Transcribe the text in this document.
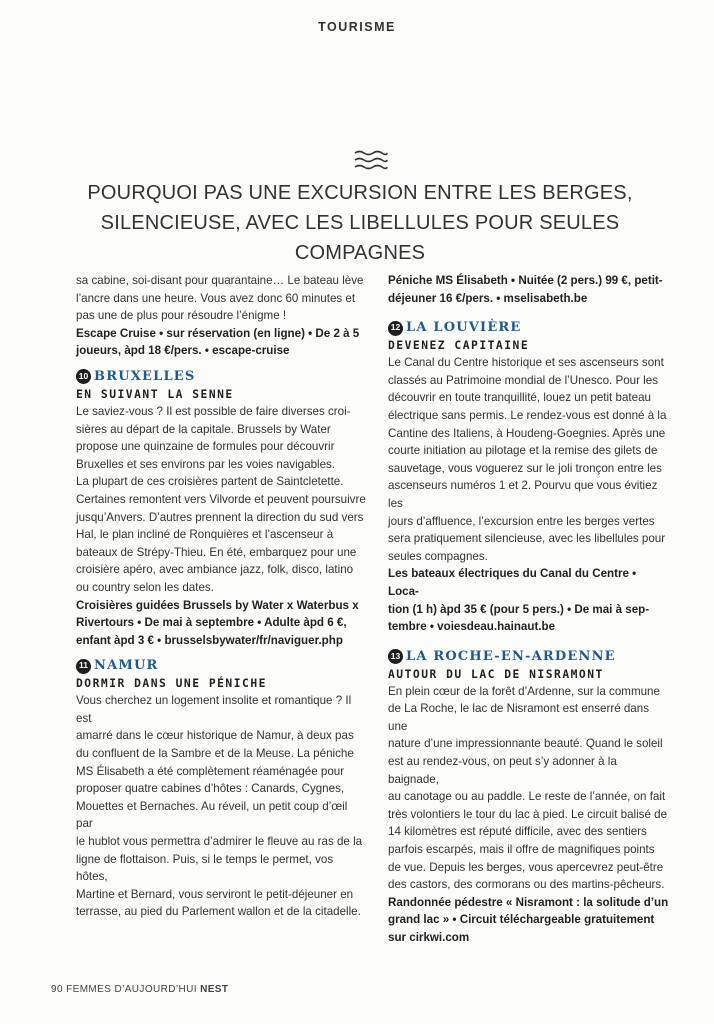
TOURISME
POURQUOI PAS UNE EXCURSION ENTRE LES BERGES,
SILENCIEUSE, AVEC LES LIBELLULES POUR SEULES COMPAGNES

sa cabine, soi-disant pour quarantaine… Le bateau lève

l’ancre dans une heure. Vous avez donc 60 minutes et

pas une de plus pour résoudre l’énigme !

Escape Cruise • sur réservation (en ligne) • De 2 à 5

joueurs, àpd 18 €/pers. • escape-cruise

10 BRUXELLES
EN SUIVANT LA SENNE

Le saviez-vous ? Il est possible de faire diverses croi-

sières au départ de la capitale. Brussels by Water

propose une quinzaine de formules pour découvrir

Bruxelles et ses environs par les voies navigables.

La plupart de ces croisières partent de Saintcletette.

Certaines remontent vers Vilvorde et peuvent poursuivre

jusqu’Anvers. D’autres prennent la direction du sud vers

Hal, le plan incliné de Ronquières et l’ascenseur à

bateaux de Strépy-Thieu. En été, embarquez pour une

croisière apéro, avec ambiance jazz, folk, disco, latino

ou country selon les dates.

Croisières guidées Brussels by Water x Waterbus x

Rivertours • De mai à septembre • Adulte àpd 6 €,

enfant àpd 3 € • brusselsbywater/fr/naviguer.php

11 NAMUR
DORMIR DANS UNE PÉNICHE

Vous cherchez un logement insolite et romantique ? Il est

amarré dans le cœur historique de Namur, à deux pas

du confluent de la Sambre et de la Meuse. La péniche

MS Élisabeth a été complètement réaménagée pour

proposer quatre cabines d’hôtes : Canards, Cygnes,

Mouettes et Bernaches. Au réveil, un petit coup d’œil par

le hublot vous permettra d’admirer le fleuve au ras de la

ligne de flottaison. Puis, si le temps le permet, vos hôtes,

Martine et Bernard, vous serviront le petit-déjeuner en

terrasse, au pied du Parlement wallon et de la citadelle.

Péniche MS Élisabeth • Nuitée (2 pers.) 99 €, petit-

déjeuner 16 €/pers. • mselisabeth.be

12 LA LOUVIÈRE
DEVENEZ CAPITAINE

Le Canal du Centre historique et ses ascenseurs sont

classés au Patrimoine mondial de l’Unesco. Pour les

découvrir en toute tranquillité, louez un petit bateau

électrique sans permis. Le rendez-vous est donné à la

Cantine des Italiens, à Houdeng-Goegnies. Après une

courte initiation au pilotage et la remise des gilets de

sauvetage, vous voguerez sur le joli tronçon entre les

ascenseurs numéros 1 et 2. Pourvu que vous évitiez les

jours d’affluence, l’excursion entre les berges vertes

sera pratiquement silencieuse, avec les libellules pour

seules compagnes.

Les bateaux électriques du Canal du Centre • Loca-

tion (1 h) àpd 35 € (pour 5 pers.) • De mai à sep-

tembre • voiesdeau.hainaut.be

13 LA ROCHE-EN-ARDENNE
AUTOUR DU LAC DE NISRAMONT

En plein cœur de la forêt d’Ardenne, sur la commune

de La Roche, le lac de Nisramont est enserré dans une

nature d’une impressionnante beauté. Quand le soleil

est au rendez-vous, on peut s’y adonner à la baignade,

au canotage ou au paddle. Le reste de l’année, on fait

très volontiers le tour du lac à pied. Le circuit balisé de

14 kilomètres est réputé difficile, avec des sentiers

parfois escarpés, mais il offre de magnifiques points

de vue. Depuis les berges, vous apercevrez peut-être

des castors, des cormorans ou des martins-pêcheurs.

Randonnée pédestre « Nisramont : la solitude d’un

grand lac » • Circuit téléchargeable gratuitement

sur cirkwi.com

90 FEMMES D’AUJOURD’HUI NEST
